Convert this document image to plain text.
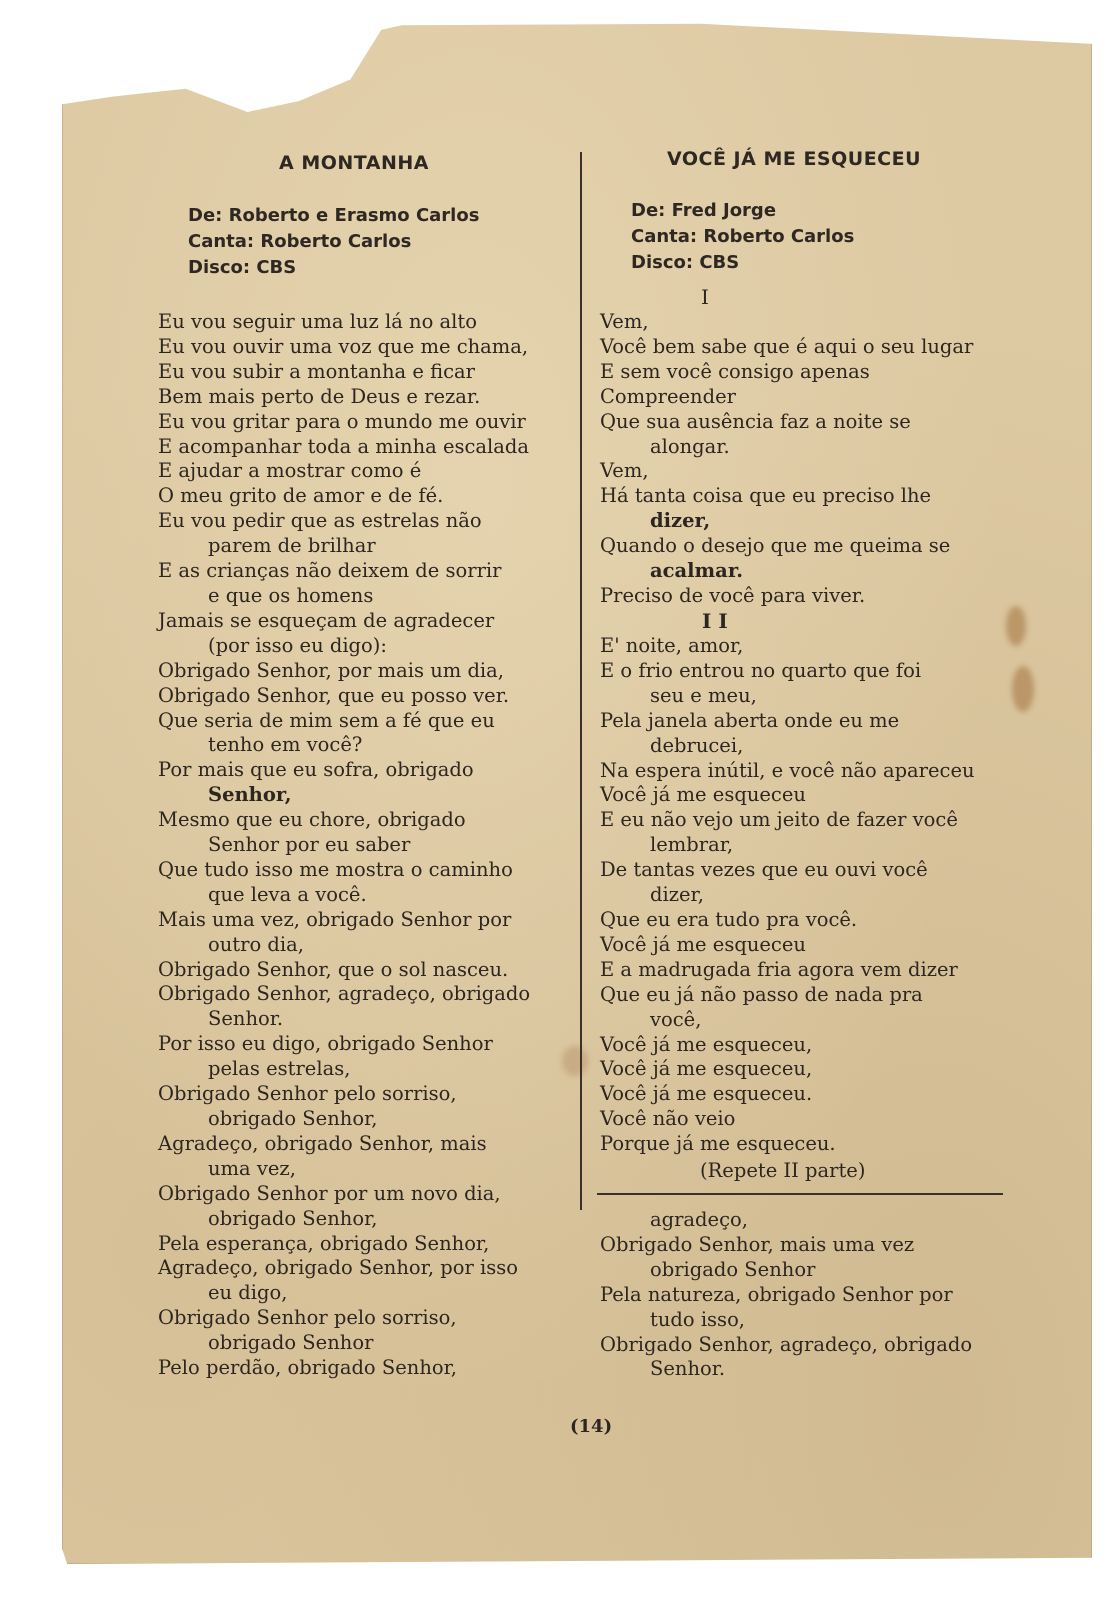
A MONTANHA
De: Roberto e Erasmo Carlos
Canta: Roberto Carlos
Disco: CBS
VOCÊ JÁ ME ESQUECEU
De: Fred Jorge
Canta: Roberto Carlos
Disco: CBS
Eu vou seguir uma luz lá no alto
Eu vou ouvir uma voz que me chama,
Eu vou subir a montanha e ficar
Bem mais perto de Deus e rezar.
Eu vou gritar para o mundo me ouvir
E acompanhar toda a minha escalada
E ajudar a mostrar como é
O meu grito de amor e de fé.
Eu vou pedir que as estrelas não
parem de brilhar
E as crianças não deixem de sorrir
e que os homens
Jamais se esqueçam de agradecer
(por isso eu digo):
Obrigado Senhor, por mais um dia,
Obrigado Senhor, que eu posso ver.
Que seria de mim sem a fé que eu
tenho em você?
Por mais que eu sofra, obrigado
Senhor,
Mesmo que eu chore, obrigado
Senhor por eu saber
Que tudo isso me mostra o caminho
que leva a você.
Mais uma vez, obrigado Senhor por
outro dia,
Obrigado Senhor, que o sol nasceu.
Obrigado Senhor, agradeço, obrigado
Senhor.
Por isso eu digo, obrigado Senhor
pelas estrelas,
Obrigado Senhor pelo sorriso,
obrigado Senhor,
Agradeço, obrigado Senhor, mais
uma vez,
Obrigado Senhor por um novo dia,
obrigado Senhor,
Pela esperança, obrigado Senhor,
Agradeço, obrigado Senhor, por isso
eu digo,
Obrigado Senhor pelo sorriso,
obrigado Senhor
Pelo perdão, obrigado Senhor,
I
Vem,
Você bem sabe que é aqui o seu lugar
E sem você consigo apenas
Compreender
Que sua ausência faz a noite se
alongar.
Vem,
Há tanta coisa que eu preciso lhe
dizer,
Quando o desejo que me queima se
acalmar.
Preciso de você para viver.
I I
E' noite, amor,
E o frio entrou no quarto que foi
seu e meu,
Pela janela aberta onde eu me
debrucei,
Na espera inútil, e você não apareceu
Você já me esqueceu
E eu não vejo um jeito de fazer você
lembrar,
De tantas vezes que eu ouvi você
dizer,
Que eu era tudo pra você.
Você já me esqueceu
E a madrugada fria agora vem dizer
Que eu já não passo de nada pra
você,
Você já me esqueceu,
Você já me esqueceu,
Você já me esqueceu.
Você não veio
Porque já me esqueceu.
(Repete II parte)
agradeço,
Obrigado Senhor, mais uma vez
obrigado Senhor
Pela natureza, obrigado Senhor por
tudo isso,
Obrigado Senhor, agradeço, obrigado
Senhor.
(14)
